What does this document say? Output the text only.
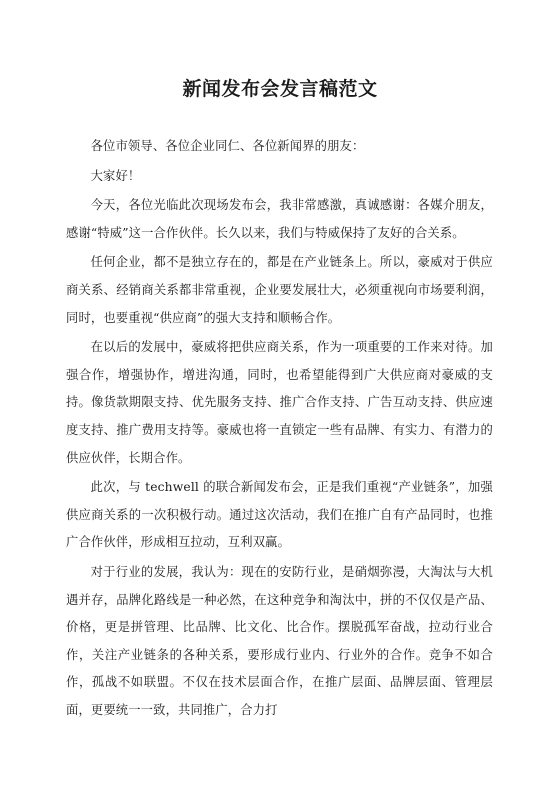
新闻发布会发言稿范文

各位市领导、各位企业同仁、各位新闻界的朋友：

大家好！

今天，各位光临此次现场发布会，我非常感激，真诚感谢：各媒介朋友，感谢“特威”这一合作伙伴。长久以来，我们与特威保持了友好的合关系。

任何企业，都不是独立存在的，都是在产业链条上。所以，豪威对于供应商关系、经销商关系都非常重视，企业要发展壮大，必须重视向市场要利润，同时，也要重视“供应商”的强大支持和顺畅合作。

在以后的发展中，豪威将把供应商关系，作为一项重要的工作来对待。加强合作，增强协作，增进沟通，同时，也希望能得到广大供应商对豪威的支持。像货款期限支持、优先服务支持、推广合作支持、广告互动支持、供应速度支持、推广费用支持等。豪威也将一直锁定一些有品牌、有实力、有潜力的供应伙伴，长期合作。

此次，与 techwell 的联合新闻发布会，正是我们重视“产业链条”，加强供应商关系的一次积极行动。通过这次活动，我们在推广自有产品同时，也推广合作伙伴，形成相互拉动，互利双赢。

对于行业的发展，我认为：现在的安防行业，是硝烟弥漫，大淘汰与大机遇并存，品牌化路线是一种必然，在这种竞争和淘汰中，拼的不仅仅是产品、价格，更是拼管理、比品牌、比文化、比合作。摆脱孤军奋战，拉动行业合作，关注产业链条的各种关系，要形成行业内、行业外的合作。竞争不如合作，孤战不如联盟。不仅在技术层面合作，在推广层面、品牌层面、管理层面，更要统一一致，共同推广，合力打
